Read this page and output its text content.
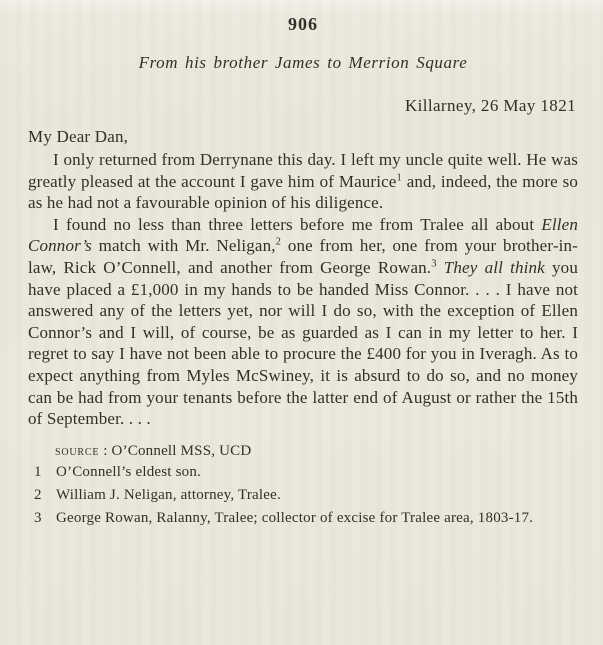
906
From his brother James to Merrion Square
Killarney, 26 May 1821
My Dear Dan,

I only returned from Derrynane this day. I left my uncle quite well. He was greatly pleased at the account I gave him of Maurice$^1$ and, indeed, the more so as he had not a favourable opinion of his diligence.

I found no less than three letters before me from Tralee all about Ellen Connor’s match with Mr. Neligan,$^2$ one from her, one from your brother-in-law, Rick O’Connell, and another from George Rowan.$^3$ They all think you have placed a £1,000 in my hands to be handed Miss Connor. . . . I have not answered any of the letters yet, nor will I do so, with the exception of Ellen Connor’s and I will, of course, be as guarded as I can in my letter to her. I regret to say I have not been able to procure the £400 for you in Iveragh. As to expect anything from Myles McSwiney, it is absurd to do so, and no money can be had from your tenants before the latter end of August or rather the 15th of September. . . .

source : O’Connell MSS, UCD
1 O’Connell’s eldest son.
2 William J. Neligan, attorney, Tralee.
3 George Rowan, Ralanny, Tralee; collector of excise for Tralee area, 1803-17.
